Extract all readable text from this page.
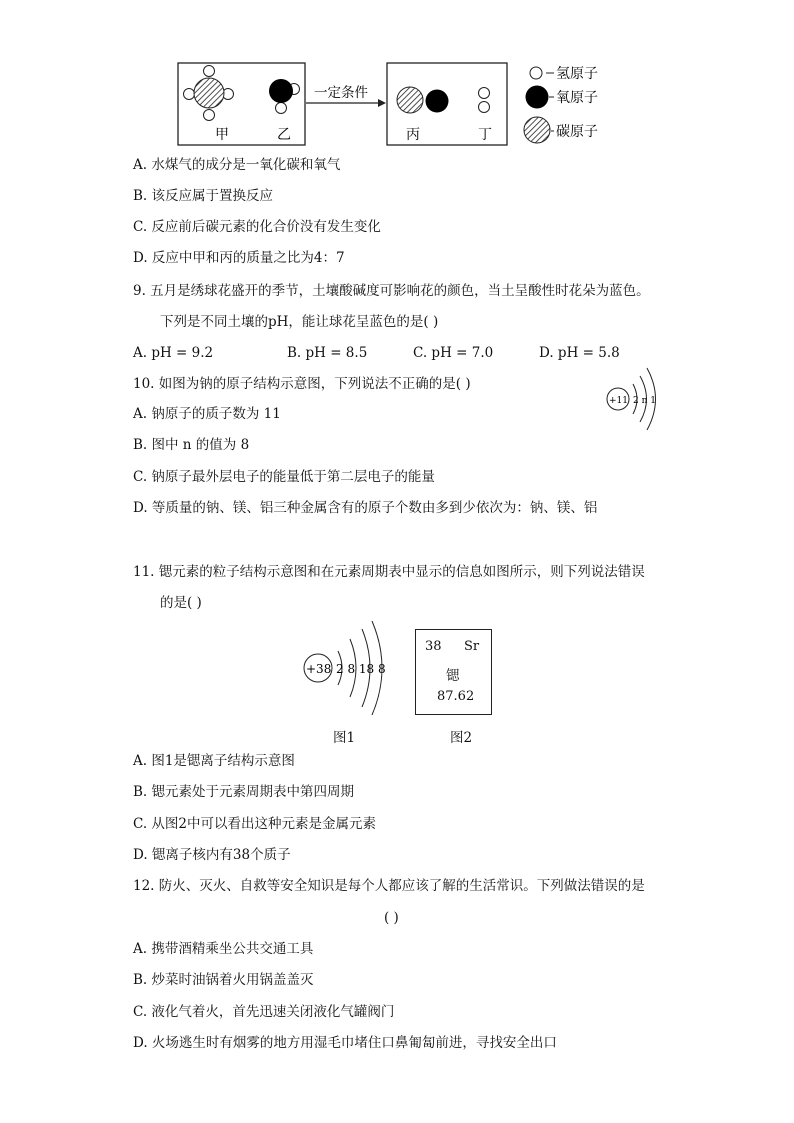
甲	乙
一定条件
丙	丁
氢原子
氧原子
碳原子
A. 水煤气的成分是一氧化碳和氧气
B. 该反应属于置换反应
C. 反应前后碳元素的化合价没有发生变化
D. 反应中甲和丙的质量之比为4：7
9. 五月是绣球花盛开的季节，土壤酸碱度可影响花的颜色，当土呈酸性时花朵为蓝色。
下列是不同土壤的pH，能让球花呈蓝色的是( )
A. pH = 9.2	B. pH = 8.5	C. pH = 7.0	D. pH = 5.8
10. 如图为钠的原子结构示意图，下列说法不正确的是( )
+11 2 n 1
A. 钠原子的质子数为 11
B. 图中 n 的值为 8
C. 钠原子最外层电子的能量低于第二层电子的能量
D. 等质量的钠、镁、铝三种金属含有的原子个数由多到少依次为：钠、镁、铝
11. 锶元素的粒子结构示意图和在元素周期表中显示的信息如图所示，则下列说法错误
的是( )
+38 2 8 18 8
图1
38 Sr
锶
87.62
图2
A. 图1是锶离子结构示意图
B. 锶元素处于元素周期表中第四周期
C. 从图2中可以看出这种元素是金属元素
D. 锶离子核内有38个质子
12. 防火、灭火、自救等安全知识是每个人都应该了解的生活常识。下列做法错误的是
( )
A. 携带酒精乘坐公共交通工具
B. 炒菜时油锅着火用锅盖盖灭
C. 液化气着火，首先迅速关闭液化气罐阀门
D. 火场逃生时有烟雾的地方用湿毛巾堵住口鼻匍匐前进，寻找安全出口
